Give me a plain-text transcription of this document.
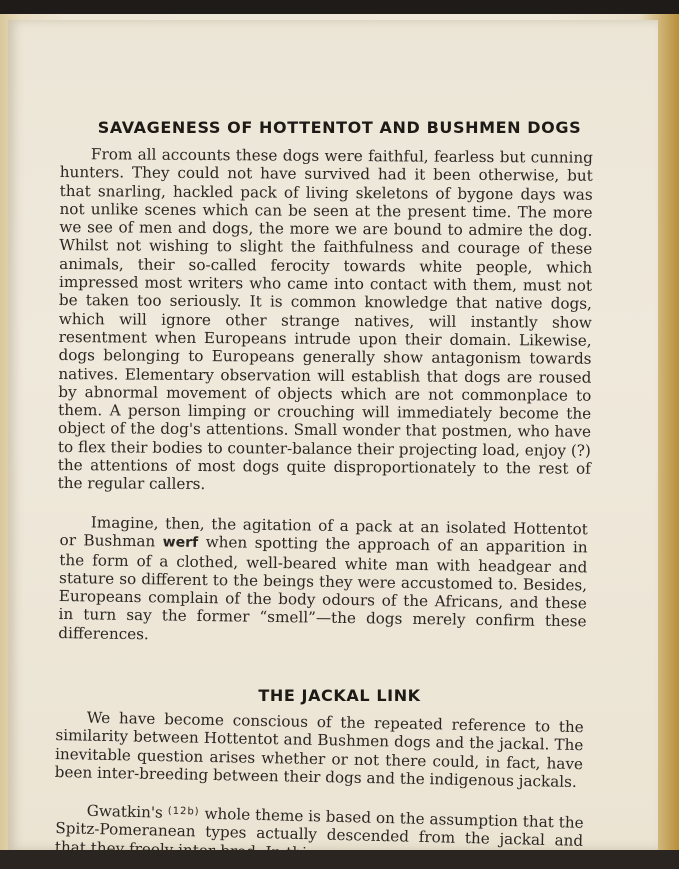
SAVAGENESS OF HOTTENTOT AND BUSHMEN DOGS
From all accounts these dogs were faithful, fearless but cunning hunters. They could not have survived had it been otherwise, but that snarling, hackled pack of living skeletons of bygone days was not unlike scenes which can be seen at the present time. The more we see of men and dogs, the more we are bound to admire the dog. Whilst not wishing to slight the faithfulness and courage of these animals, their so-called ferocity towards white people, which impressed most writers who came into contact with them, must not be taken too seriously. It is common knowledge that native dogs, which will ignore other strange natives, will instantly show resentment when Europeans intrude upon their domain. Likewise, dogs belonging to Europeans generally show antagonism towards natives. Elementary observation will establish that dogs are roused by abnormal movement of objects which are not commonplace to them. A person limping or crouching will immediately become the object of the dog's attentions. Small wonder that postmen, who have to flex their bodies to counter-balance their projecting load, enjoy (?) the attentions of most dogs quite disproportionately to the rest of the regular callers.
Imagine, then, the agitation of a pack at an isolated Hottentot or Bushman werf when spotting the approach of an apparition in the form of a clothed, well-beared white man with headgear and stature so different to the beings they were accustomed to. Besides, Europeans complain of the body odours of the Africans, and these in turn say the former “smell”—the dogs merely confirm these differences.
THE JACKAL LINK
We have become conscious of the repeated reference to the similarity between Hottentot and Bushmen dogs and the jackal. The inevitable question arises whether or not there could, in fact, have been inter-breeding between their dogs and the indigenous jackals.
Gwatkin's $^{(12b)}$ whole theme is based on the assumption that the Spitz-Pomeranean types actually descended from the jackal and that they freely inter-bred. In this
